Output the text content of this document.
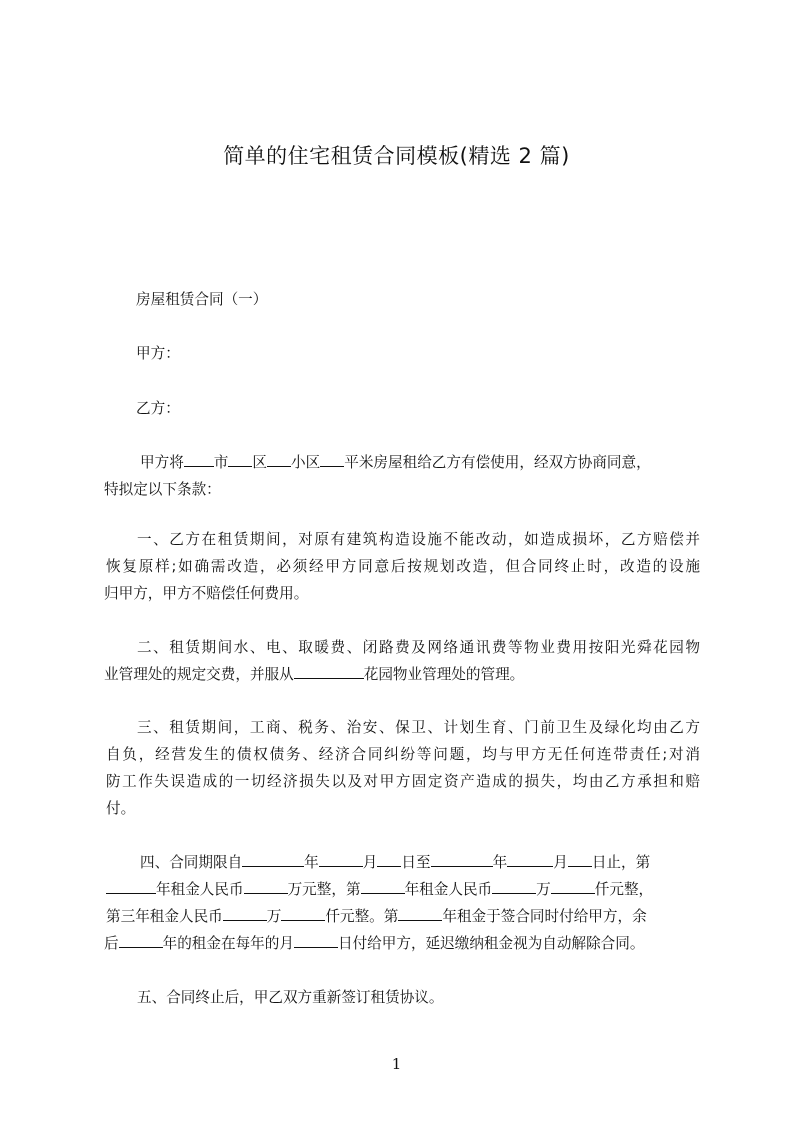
简单的住宅租赁合同模板(精选 2 篇)

房屋租赁合同（一）

甲方：

乙方：

甲方将 市 区 小区 平米房屋租给乙方有偿使用，经双方协商同意，

特拟定以下条款：

一、乙方在租赁期间，对原有建筑构造设施不能改动，如造成损坏，乙方赔偿并

恢复原样;如确需改造，必须经甲方同意后按规划改造，但合同终止时，改造的设施

归甲方，甲方不赔偿任何费用。

二、租赁期间水、电、取暖费、闭路费及网络通讯费等物业费用按阳光舜花园物

业管理处的规定交费，并服从	花园物业管理处的管理。

三、租赁期间，工商、税务、治安、保卫、计划生育、门前卫生及绿化均由乙方

自负，经营发生的债权债务、经济合同纠纷等问题，均与甲方无任何连带责任;对消

防工作失误造成的一切经济损失以及对甲方固定资产造成的损失，均由乙方承担和赔

付。

四、合同期限自	年	月 日至	年	月 日止，第

年租金人民币	万元整，第	年租金人民币	万	仟元整，

第三年租金人民币	万	仟元整。第	年租金于签合同时付给甲方，余

后	年的租金在每年的月	日付给甲方，延迟缴纳租金视为自动解除合同。

五、合同终止后，甲乙双方重新签订租赁协议。

1
